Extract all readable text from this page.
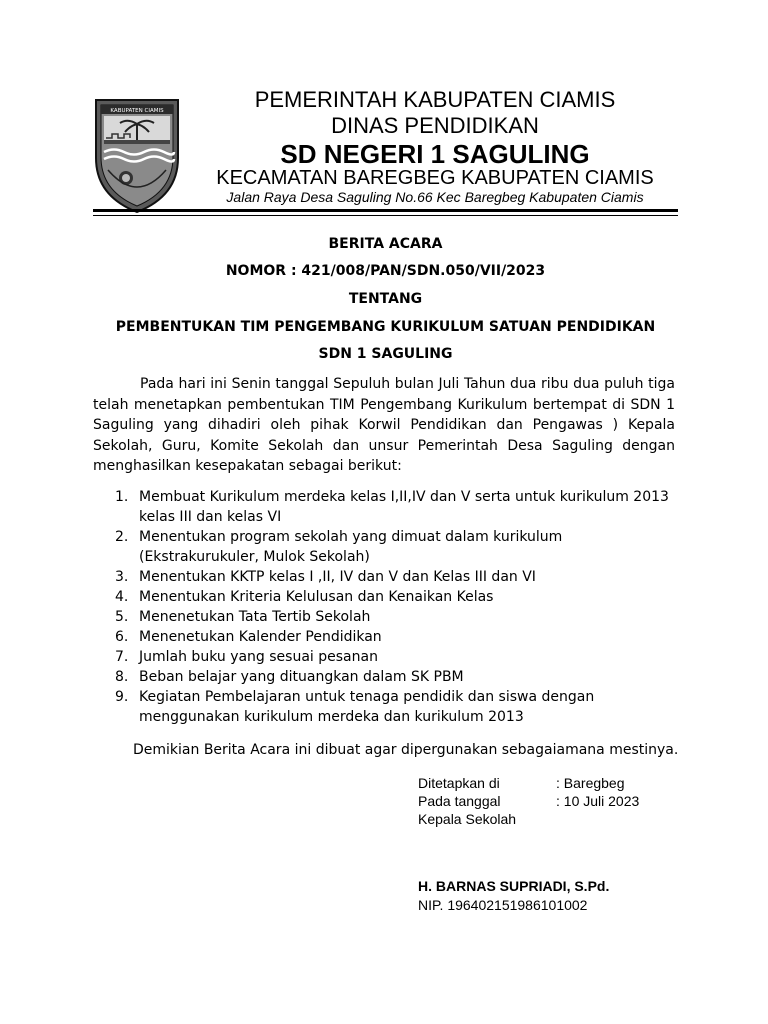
KABUPATEN CIAMIS	PEMERINTAH KABUPATEN CIAMIS
DINAS PENDIDIKAN
SD NEGERI 1 SAGULING
KECAMATAN BAREGBEG KABUPATEN CIAMIS
Jalan Raya Desa Saguling No.66 Kec Baregbeg Kabupaten Ciamis
BERITA ACARA
NOMOR : 421/008/PAN/SDN.050/VII/2023
TENTANG
PEMBENTUKAN TIM PENGEMBANG KURIKULUM SATUAN PENDIDIKAN
SDN 1 SAGULING

Pada hari ini Senin tanggal Sepuluh bulan Juli Tahun dua ribu dua puluh tiga telah menetapkan pembentukan TIM Pengembang Kurikulum bertempat di SDN 1 Saguling yang dihadiri oleh pihak Korwil Pendidikan dan Pengawas ) Kepala Sekolah, Guru, Komite Sekolah dan unsur Pemerintah Desa Saguling dengan menghasilkan kesepakatan sebagai berikut:

1. Membuat Kurikulum merdeka kelas I,II,IV dan V serta untuk kurikulum 2013 kelas III dan kelas VI
2. Menentukan program sekolah yang dimuat dalam kurikulum (Ekstrakurukuler, Mulok Sekolah)
3. Menentukan KKTP kelas I ,II, IV dan V dan Kelas III dan VI
4. Menentukan Kriteria Kelulusan dan Kenaikan Kelas
5. Menenetukan Tata Tertib Sekolah
6. Menenetukan Kalender Pendidikan
7. Jumlah buku yang sesuai pesanan
8. Beban belajar yang dituangkan dalam SK PBM
9. Kegiatan Pembelajaran untuk tenaga pendidik dan siswa dengan menggunakan kurikulum merdeka dan kurikulum 2013
Demikian Berita Acara ini dibuat agar dipergunakan sebagaiamana mestinya.
Ditetapkan di	: Baregbeg
Pada tanggal	: 10 Juli 2023
Kepala Sekolah
H. BARNAS SUPRIADI, S.Pd.
NIP. 196402151986101002
